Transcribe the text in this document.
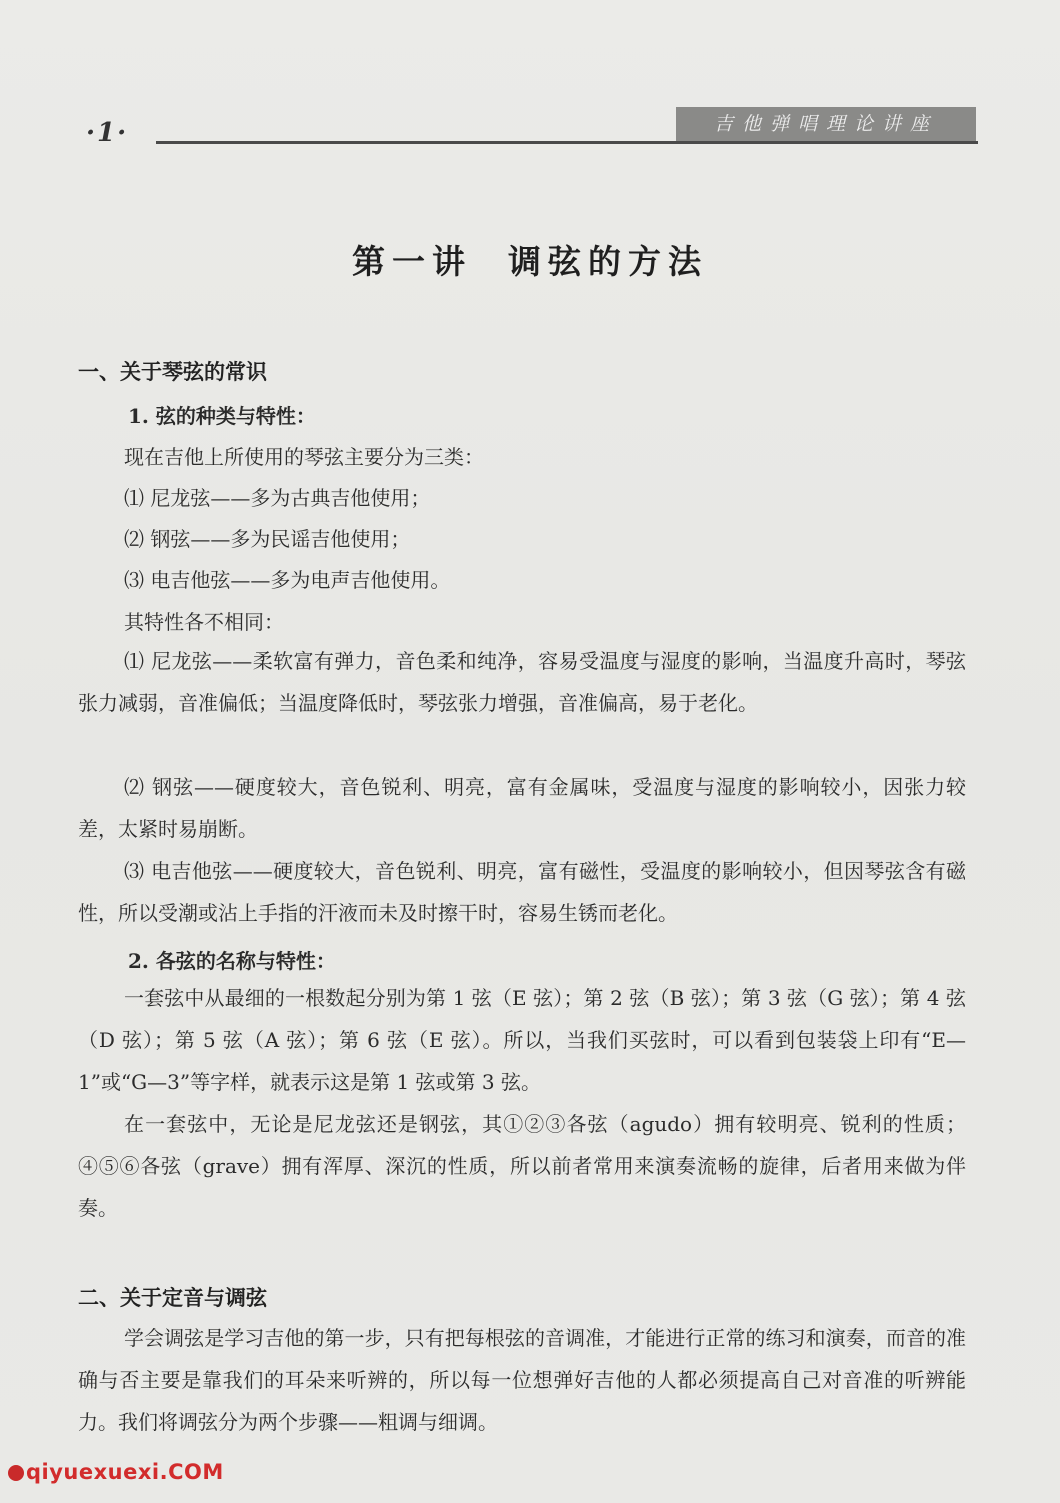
·1·	吉他弹唱理论讲座
第一讲 调弦的方法
一、关于琴弦的常识
1. 弦的种类与特性：
现在吉他上所使用的琴弦主要分为三类：
⑴ 尼龙弦——多为古典吉他使用；
⑵ 钢弦——多为民谣吉他使用；
⑶ 电吉他弦——多为电声吉他使用。
其特性各不相同：
⑴ 尼龙弦——柔软富有弹力，音色柔和纯净，容易受温度与湿度的影响，当温度升高时，琴弦张力减弱，音准偏低；当温度降低时，琴弦张力增强，音准偏高，易于老化。
⑵ 钢弦——硬度较大，音色锐利、明亮，富有金属味，受温度与湿度的影响较小，因张力较差，太紧时易崩断。
⑶ 电吉他弦——硬度较大，音色锐利、明亮，富有磁性，受温度的影响较小，但因琴弦含有磁性，所以受潮或沾上手指的汗液而未及时擦干时，容易生锈而老化。
2. 各弦的名称与特性：
一套弦中从最细的一根数起分别为第 1 弦（E 弦）；第 2 弦（B 弦）；第 3 弦（G 弦）；第 4 弦（D 弦）；第 5 弦（A 弦）；第 6 弦（E 弦）。所以，当我们买弦时，可以看到包装袋上印有“E—1”或“G—3”等字样，就表示这是第 1 弦或第 3 弦。
在一套弦中，无论是尼龙弦还是钢弦，其①②③各弦（agudo）拥有较明亮、锐利的性质；④⑤⑥各弦（grave）拥有浑厚、深沉的性质，所以前者常用来演奏流畅的旋律，后者用来做为伴奏。
二、关于定音与调弦
学会调弦是学习吉他的第一步，只有把每根弦的音调准，才能进行正常的练习和演奏，而音的准确与否主要是靠我们的耳朵来听辨的，所以每一位想弹好吉他的人都必须提高自己对音准的听辨能力。我们将调弦分为两个步骤——粗调与细调。
qiyuexuexi.COM
